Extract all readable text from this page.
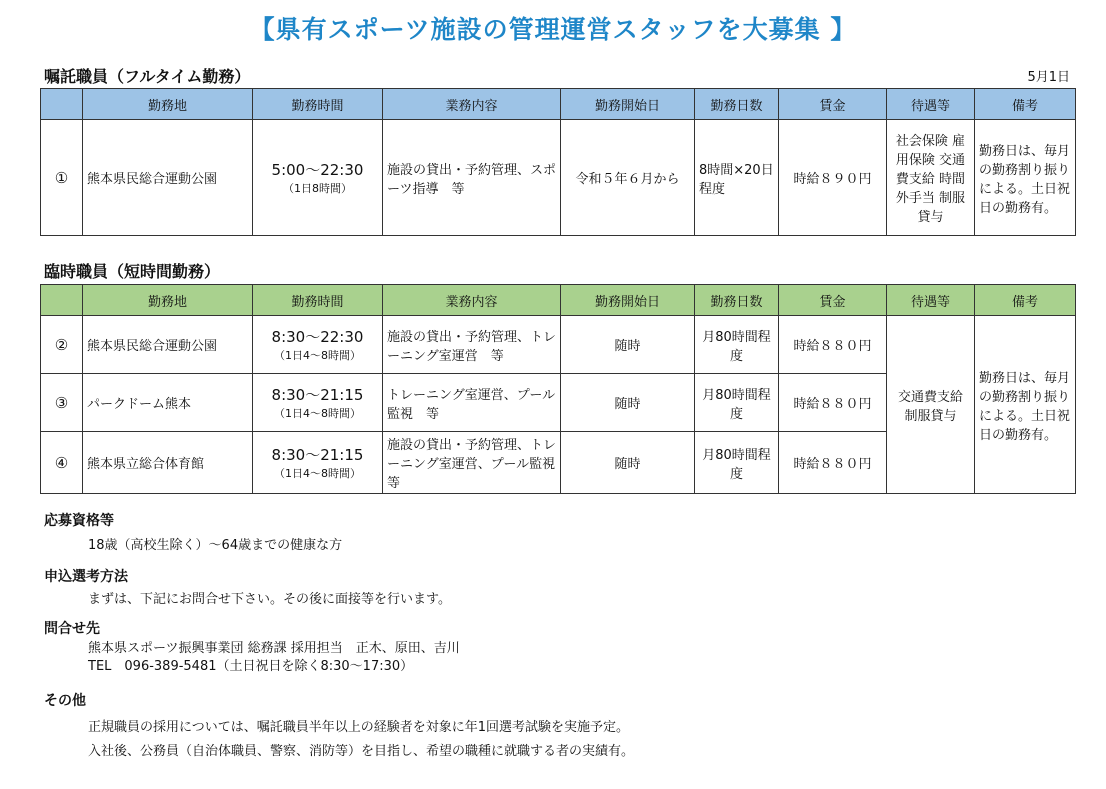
【県有スポーツ施設の管理運営スタッフを大募集 】
嘱託職員（フルタイム勤務）	5月1日
	勤務地	勤務時間	業務内容	勤務開始日	勤務日数	賃金	待遇等	備考
①	熊本県民総合運動公園	5:00～22:30
（1日8時間）	施設の貸出・予約管理、スポーツ指導　等	令和５年６月から	8時間×20日程度	時給８９０円	社会保険 雇用保険 交通費支給 時間外手当 制服貸与	勤務日は、毎月の勤務割り振りによる。土日祝日の勤務有。
臨時職員（短時間勤務）
	勤務地	勤務時間	業務内容	勤務開始日	勤務日数	賃金	待遇等	備考
②	熊本県民総合運動公園	8:30～22:30
（1日4～8時間）	施設の貸出・予約管理、トレーニング室運営　等	随時	月80時間程度	時給８８０円	交通費支給 制服貸与	勤務日は、毎月の勤務割り振りによる。土日祝日の勤務有。
③	パークドーム熊本	8:30～21:15
（1日4～8時間）	トレーニング室運営、プール監視　等	随時	月80時間程度	時給８８０円		
④	熊本県立総合体育館	8:30～21:15
（1日4～8時間）	施設の貸出・予約管理、トレーニング室運営、プール監視　等	随時	月80時間程度	時給８８０円		
応募資格等
18歳（高校生除く）～64歳までの健康な方
申込選考方法
まずは、下記にお問合せ下さい。その後に面接等を行います。
問合せ先
熊本県スポーツ振興事業団 総務課 採用担当　正木、原田、吉川
TEL　096-389-5481（土日祝日を除く8:30～17:30）
その他
正規職員の採用については、嘱託職員半年以上の経験者を対象に年1回選考試験を実施予定。
入社後、公務員（自治体職員、警察、消防等）を目指し、希望の職種に就職する者の実績有。
